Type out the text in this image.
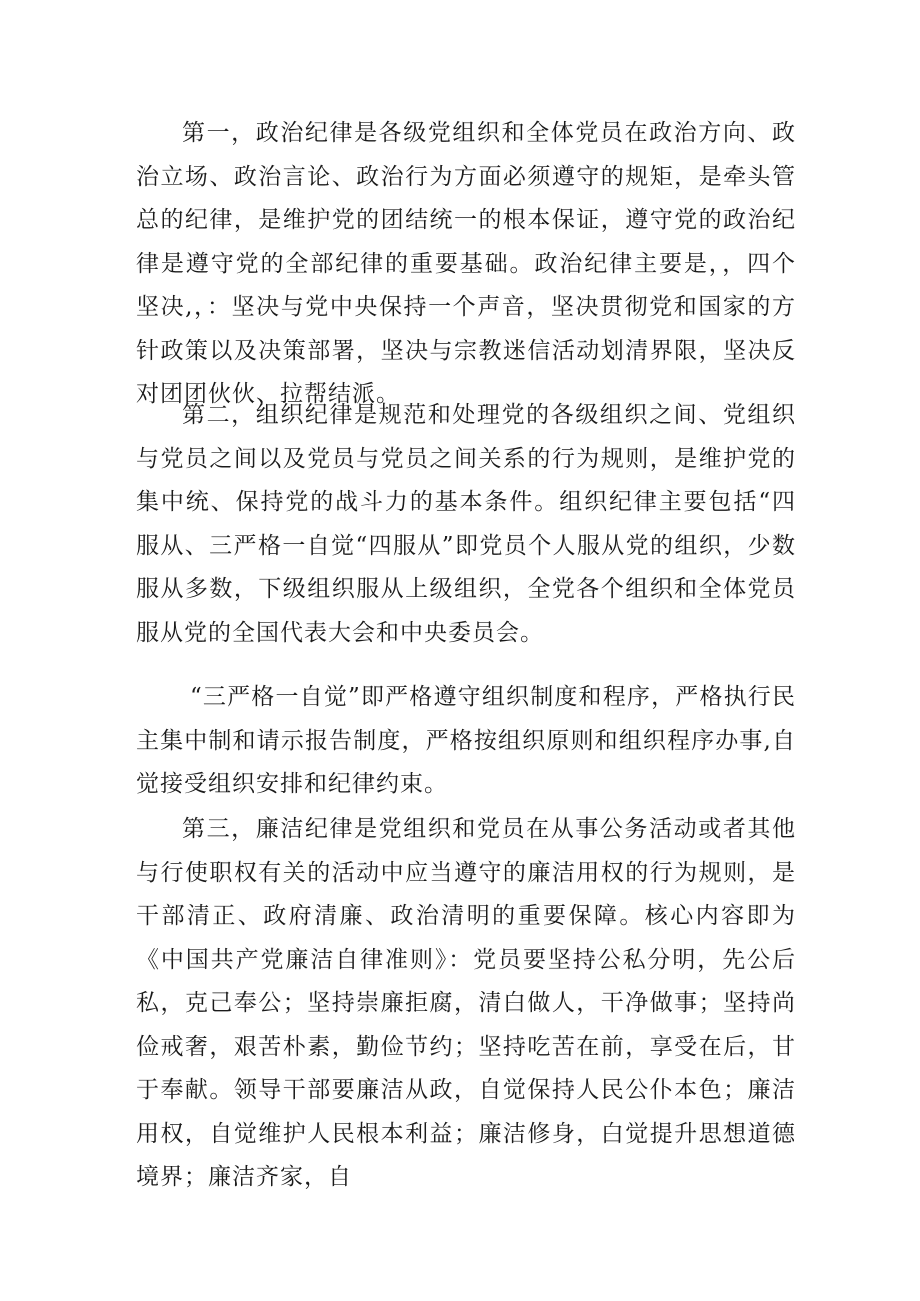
第一，政治纪律是各级党组织和全体党员在政治方向、政治立场、政治言论、政治行为方面必须遵守的规矩，是牵头管总的纪律，是维护党的团结统一的根本保证，遵守党的政治纪律是遵守党的全部纪律的重要基础。政治纪律主要是，，四个坚决,，：坚决与党中央保持一个声音，坚决贯彻党和国家的方针政策以及决策部署，坚决与宗教迷信活动划清界限，坚决反对团团伙伙、拉帮结派。

第二，组织纪律是规范和处理党的各级组织之间、党组织与党员之间以及党员与党员之间关系的行为规则，是维护党的集中统、保持党的战斗力的基本条件。组织纪律主要包括“四服从、三严格一自觉“四服从”即党员个人服从党的组织，少数服从多数，下级组织服从上级组织，全党各个组织和全体党员服从党的全国代表大会和中央委员会。

“三严格一自觉”即严格遵守组织制度和程序，严格执行民主集中制和请示报告制度，严格按组织原则和组织程序办事,自觉接受组织安排和纪律约束。

第三，廉洁纪律是党组织和党员在从事公务活动或者其他与行使职权有关的活动中应当遵守的廉洁用权的行为规则，是干部清正、政府清廉、政治清明的重要保障。核心内容即为《中国共产党廉洁自律准则》：党员要坚持公私分明，先公后私，克己奉公；坚持崇廉拒腐，清白做人，干净做事；坚持尚俭戒奢，艰苦朴素，勤俭节约；坚持吃苦在前，享受在后，甘于奉献。领导干部要廉洁从政，自觉保持人民公仆本色；廉洁用权，自觉维护人民根本利益；廉洁修身，白觉提升思想道德境界；廉洁齐家，自
